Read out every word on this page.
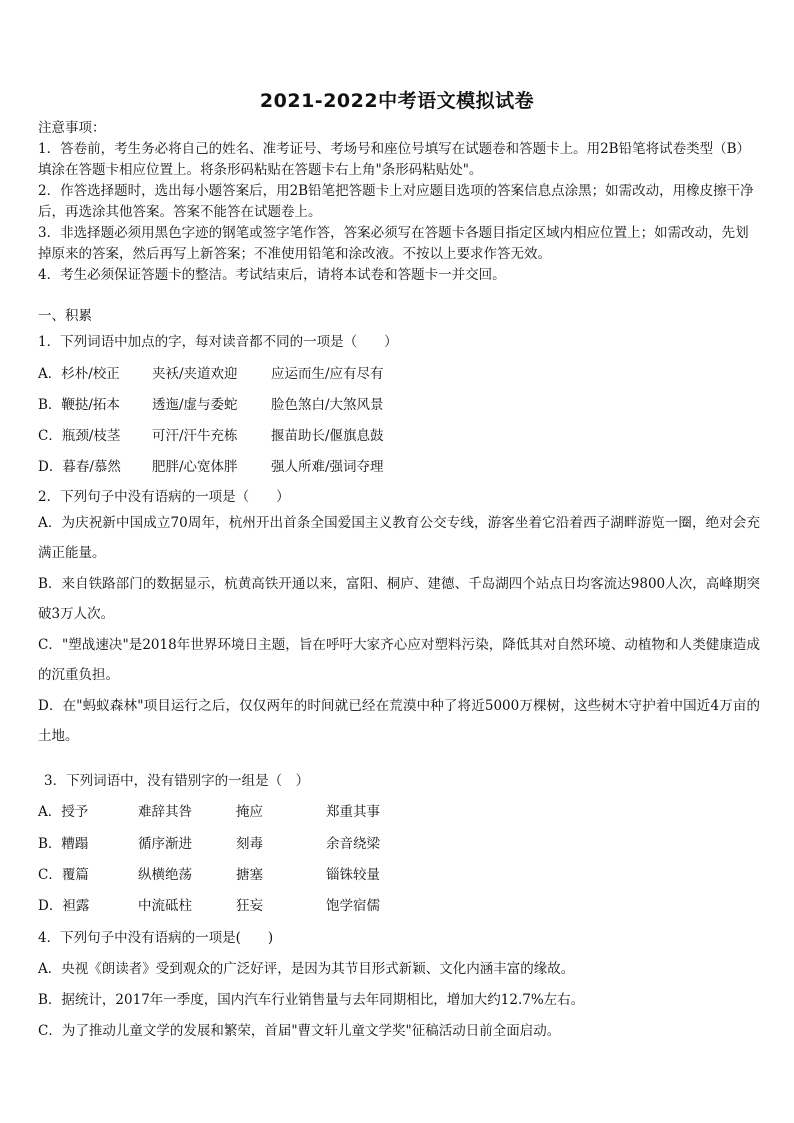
2021-2022中考语文模拟试卷

注意事项：

1．答卷前，考生务必将自己的姓名、准考证号、考场号和座位号填写在试题卷和答题卡上。用2B铅笔将试卷类型（B）填涂在答题卡相应位置上。将条形码粘贴在答题卡右上角"条形码粘贴处"。

2．作答选择题时，选出每小题答案后，用2B铅笔把答题卡上对应题目选项的答案信息点涂黑；如需改动，用橡皮擦干净后，再选涂其他答案。答案不能答在试题卷上。

3．非选择题必须用黑色字迹的钢笔或签字笔作答，答案必须写在答题卡各题目指定区域内相应位置上；如需改动，先划掉原来的答案，然后再写上新答案；不准使用铅笔和涂改液。不按以上要求作答无效。

4．考生必须保证答题卡的整洁。考试结束后，请将本试卷和答题卡一并交回。

一、积累
1．下列词语中加点的字，每对读音都不同的一项是（　　）
A．杉朴/校正 夹袄/夹道欢迎 应运而生/应有尽有
B．鞭挞/拓本 透迤/虚与委蛇 脸色煞白/大煞风景
C．瓶颈/枝茎 可汗/汗牛充栋 揠苗助长/偃旗息鼓
D．暮春/慕然 肥胖/心宽体胖 强人所难/强词夺理
2．下列句子中没有语病的一项是（　　）
A．为庆祝新中国成立70周年，杭州开出首条全国爱国主义教育公交专线，游客坐着它沿着西子湖畔游览一圈，绝对会充满正能量。
B．来自铁路部门的数据显示，杭黄高铁开通以来，富阳、桐庐、建德、千岛湖四个站点日均客流达9800人次，高峰期突破3万人次。
C．"塑战速决"是2018年世界环境日主题，旨在呼吁大家齐心应对塑料污染，降低其对自然环境、动植物和人类健康造成的沉重负担。
D．在"蚂蚁森林"项目运行之后，仅仅两年的时间就已经在荒漠中种了将近5000万棵树，这些树木守护着中国近4万亩的土地。
3．下列词语中，没有错别字的一组是（　）
A．授予	难辞其咎	掩应	郑重其事
B．糟蹋	循序渐进	刻毒	余音绕梁
C．覆篇	纵横绝荡	搪塞	锱铢较量
D．袒露	中流砥柱	狂妄	饱学宿儒
4．下列句子中没有语病的一项是(　　)
A．央视《朗读者》受到观众的广泛好评，是因为其节目形式新颖、文化内涵丰富的缘故。
B．据统计，2017年一季度，国内汽车行业销售量与去年同期相比，增加大约12.7%左右。
C．为了推动儿童文学的发展和繁荣，首届"曹文轩儿童文学奖"征稿活动日前全面启动。
